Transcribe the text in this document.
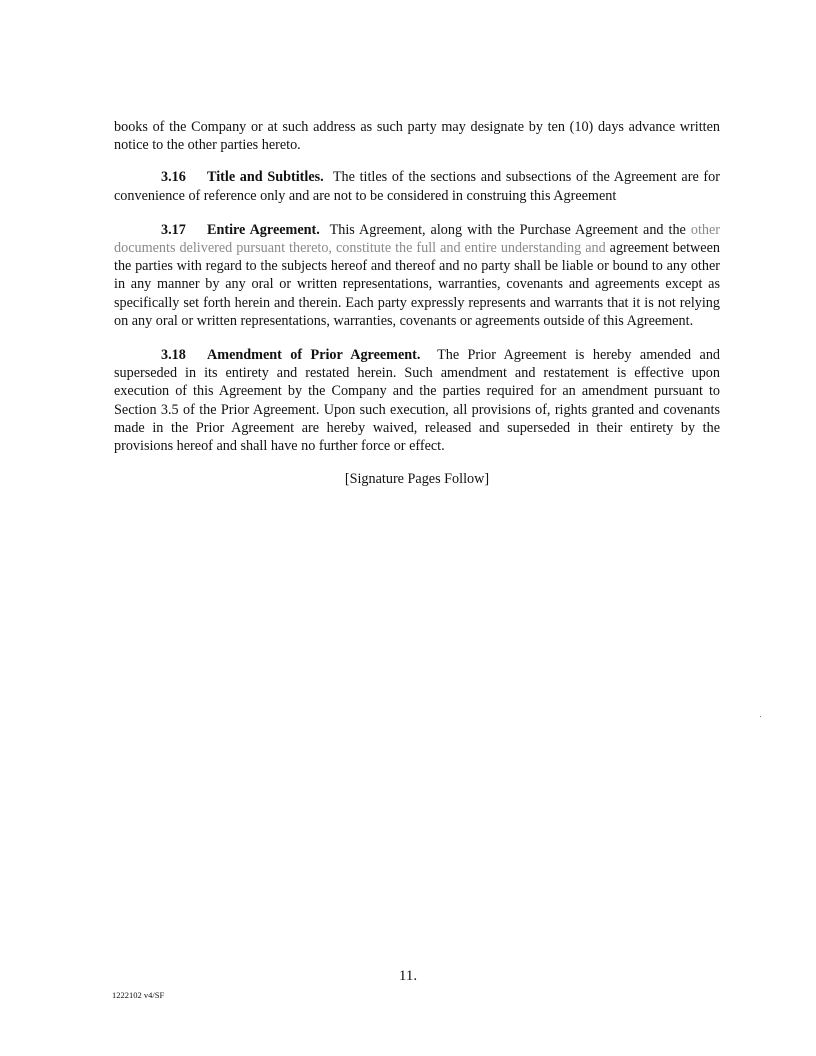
books of the Company or at such address as such party may designate by ten (10) days advance written notice to the other parties hereto.

3.16 Title and Subtitles. The titles of the sections and subsections of the Agreement are for convenience of reference only and are not to be considered in construing this Agreement

3.17 Entire Agreement. This Agreement, along with the Purchase Agreement and the other documents delivered pursuant thereto, constitute the full and entire understanding and agreement between the parties with regard to the subjects hereof and thereof and no party shall be liable or bound to any other in any manner by any oral or written representations, warranties, covenants and agreements except as specifically set forth herein and therein. Each party expressly represents and warrants that it is not relying on any oral or written representations, warranties, covenants or agreements outside of this Agreement.

3.18 Amendment of Prior Agreement. The Prior Agreement is hereby amended and superseded in its entirety and restated herein. Such amendment and restatement is effective upon execution of this Agreement by the Company and the parties required for an amendment pursuant to Section 3.5 of the Prior Agreement. Upon such execution, all provisions of, rights granted and covenants made in the Prior Agreement are hereby waived, released and superseded in their entirety by the provisions hereof and shall have no further force or effect.

[Signature Pages Follow]
11.
1222102 v4/SF
